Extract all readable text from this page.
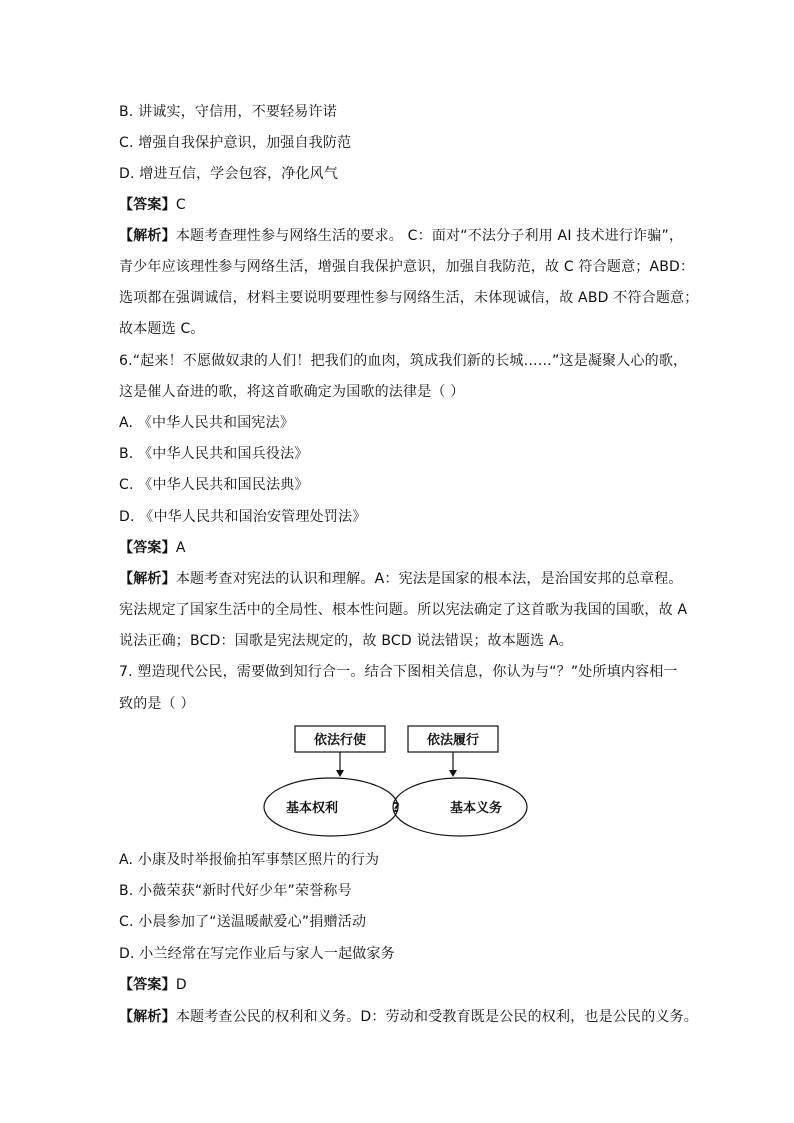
B. 讲诚实，守信用，不要轻易许诺
C. 增强自我保护意识，加强自我防范
D. 增进互信，学会包容，净化风气
【答案】C
【解析】本题考查理性参与网络生活的要求。 C：面对“不法分子利用 AI 技术进行诈骗”，
青少年应该理性参与网络生活，增强自我保护意识，加强自我防范，故 C 符合题意；ABD：
选项都在强调诚信，材料主要说明要理性参与网络生活，未体现诚信，故 ABD 不符合题意；
故本题选 C。
6.“起来！不愿做奴隶的人们！把我们的血肉，筑成我们新的长城……”这是凝聚人心的歌，
这是催人奋进的歌，将这首歌确定为国歌的法律是（ ）
A. 《中华人民共和国宪法》
B. 《中华人民共和国兵役法》
C. 《中华人民共和国民法典》
D. 《中华人民共和国治安管理处罚法》
【答案】A
【解析】本题考查对宪法的认识和理解。A：宪法是国家的根本法，是治国安邦的总章程。
宪法规定了国家生活中的全局性、根本性问题。所以宪法确定了这首歌为我国的国歌，故 A
说法正确；BCD：国歌是宪法规定的，故 BCD 说法错误；故本题选 A。
7. 塑造现代公民，需要做到知行合一。结合下图相关信息，你认为与“？”处所填内容相一
致的是（ ）
依法行使	依法履行
基本权利	?	基本义务
A. 小康及时举报偷拍军事禁区照片的行为
B. 小薇荣获“新时代好少年”荣誉称号
C. 小晨参加了“送温暖献爱心”捐赠活动
D. 小兰经常在写完作业后与家人一起做家务
【答案】D
【解析】本题考查公民的权利和义务。D：劳动和受教育既是公民的权利，也是公民的义务。
